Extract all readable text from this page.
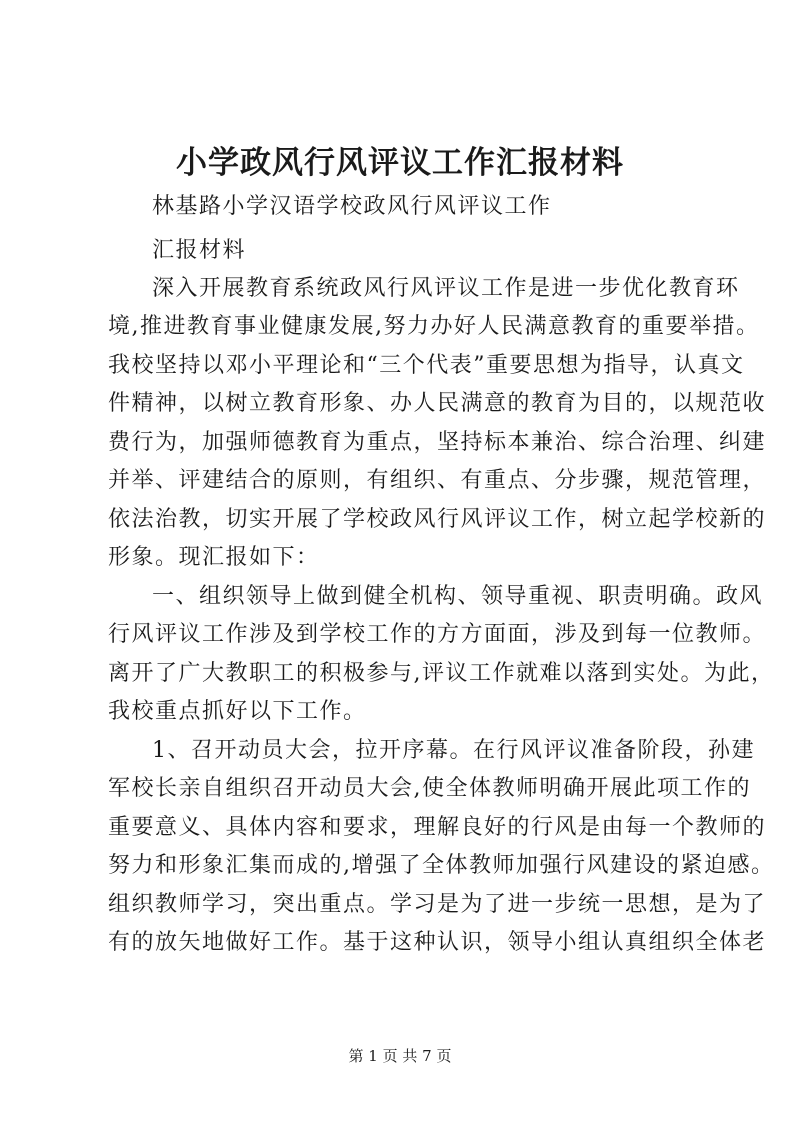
小学政风行风评议工作汇报材料

林基路小学汉语学校政风行风评议工作

汇报材料

深入开展教育系统政风行风评议工作是进一步优化教育环

境,推进教育事业健康发展,努力办好人民满意教育的重要举措。

我校坚持以邓小平理论和“三个代表”重要思想为指导，认真文

件精神，以树立教育形象、办人民满意的教育为目的，以规范收

费行为，加强师德教育为重点，坚持标本兼治、综合治理、纠建

并举、评建结合的原则，有组织、有重点、分步骤，规范管理，

依法治教，切实开展了学校政风行风评议工作，树立起学校新的

形象。现汇报如下：

一、组织领导上做到健全机构、领导重视、职责明确。政风

行风评议工作涉及到学校工作的方方面面，涉及到每一位教师。

离开了广大教职工的积极参与,评议工作就难以落到实处。为此，

我校重点抓好以下工作。

1、召开动员大会，拉开序幕。在行风评议准备阶段，孙建

军校长亲自组织召开动员大会,使全体教师明确开展此项工作的

重要意义、具体内容和要求，理解良好的行风是由每一个教师的

努力和形象汇集而成的,增强了全体教师加强行风建设的紧迫感。

组织教师学习，突出重点。学习是为了进一步统一思想，是为了

有的放矢地做好工作。基于这种认识，领导小组认真组织全体老

第 1 页 共 7 页
